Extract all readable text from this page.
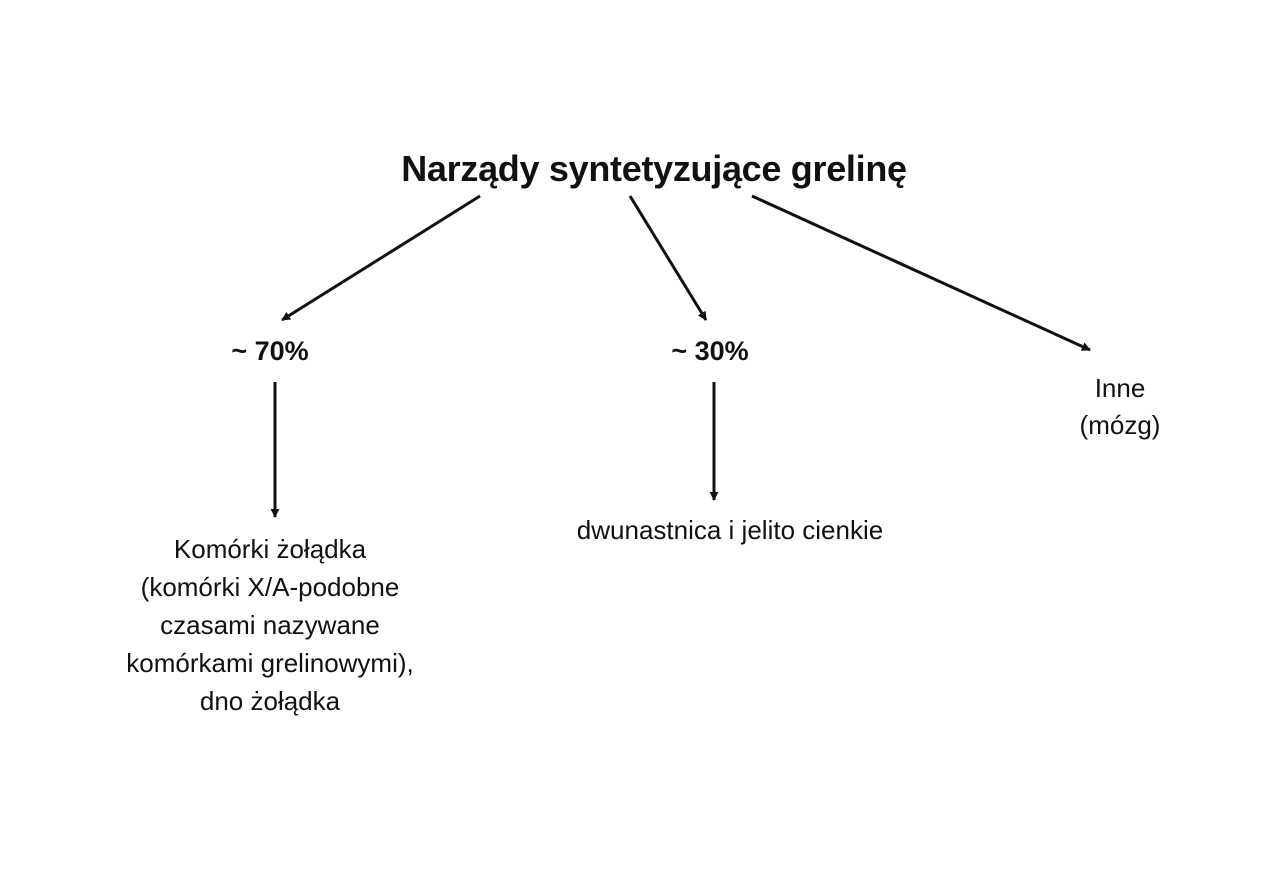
Narządy syntetyzujące grelinę
~ 70%	~ 30%
Inne
(mózg)
Komórki żołądka
(komórki X/A-podobne
czasami nazywane
komórkami grelinowymi),
dno żołądka
dwunastnica i jelito cienkie
